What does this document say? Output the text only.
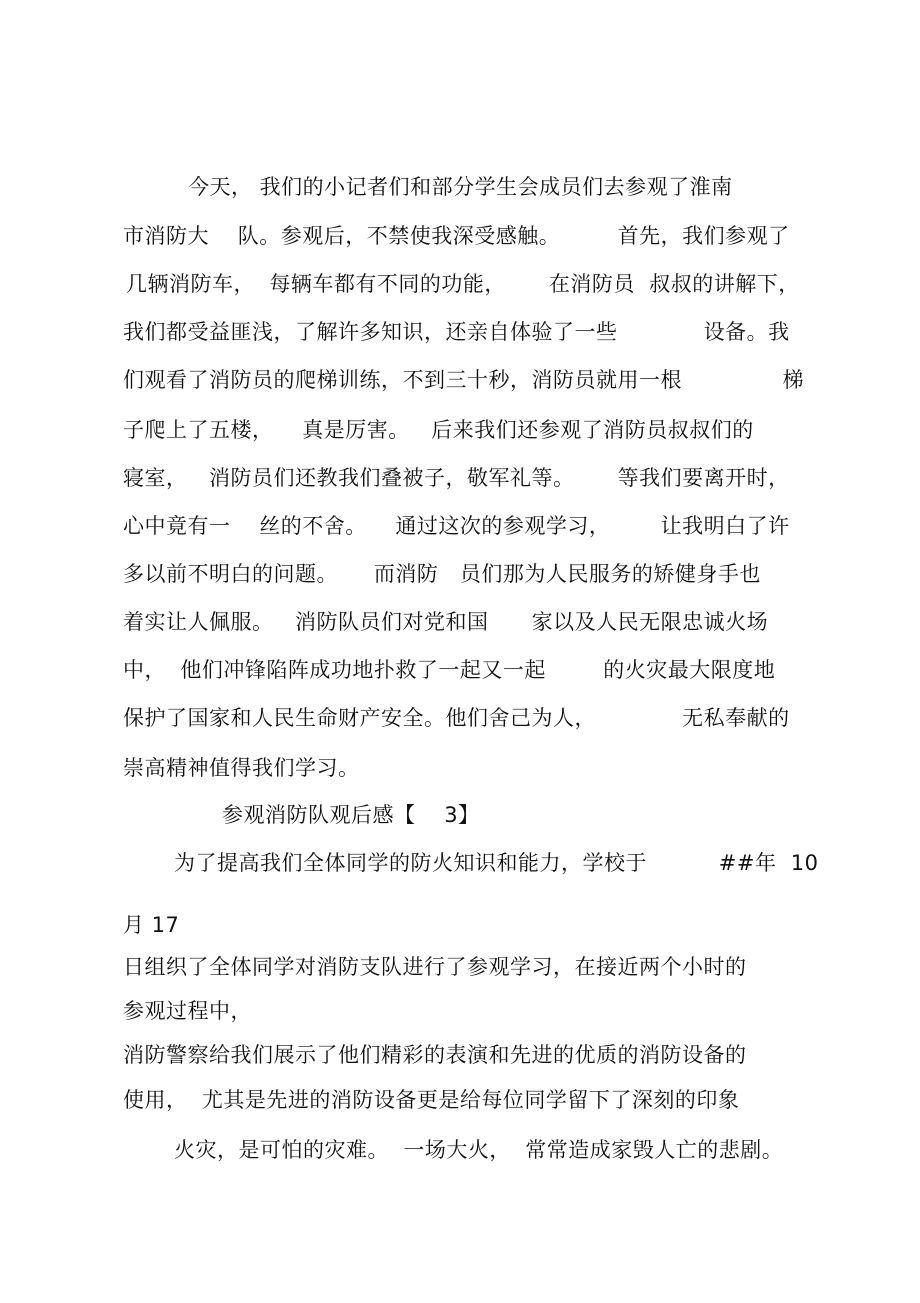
今天， 我们的小记者们和部分学生会成员们去参观了淮南
市消防大    队。参观后，不禁使我深受感触。        首先，我们参观了
几辆消防车，  每辆车都有不同的功能，      在消防员  叔叔的讲解下，
我们都受益匪浅，了解许多知识，还亲自体验了一些            设备。我
们观看了消防员的爬梯训练，不到三十秒，消防员就用一根              梯
子爬上了五楼，    真是厉害。   后来我们还参观了消防员叔叔们的
寝室，   消防员们还教我们叠被子，敬军礼等。      等我们要离开时，
心中竟有一    丝的不舍。    通过这次的参观学习，       让我明白了许
多以前不明白的问题。     而消防   员们那为人民服务的矫健身手也
着实让人佩服。   消防队员们对党和国      家以及人民无限忠诚火场
中，  他们冲锋陷阵成功地扑救了一起又一起        的火灾最大限度地
保护了国家和人民生命财产安全。他们舍己为人，            无私奉献的
崇高精神值得我们学习。
参观消防队观后感【    3】
为了提高我们全体同学的防火知识和能力，学校于          ##年  10
月 17
日组织了全体同学对消防支队进行了参观学习，在接近两个小时的
参观过程中，
消防警察给我们展示了他们精彩的表演和先进的优质的消防设备的
使用，  尤其是先进的消防设备更是给每位同学留下了深刻的印象
火灾，是可怕的灾难。  一场大火，  常常造成家毁人亡的悲剧。
